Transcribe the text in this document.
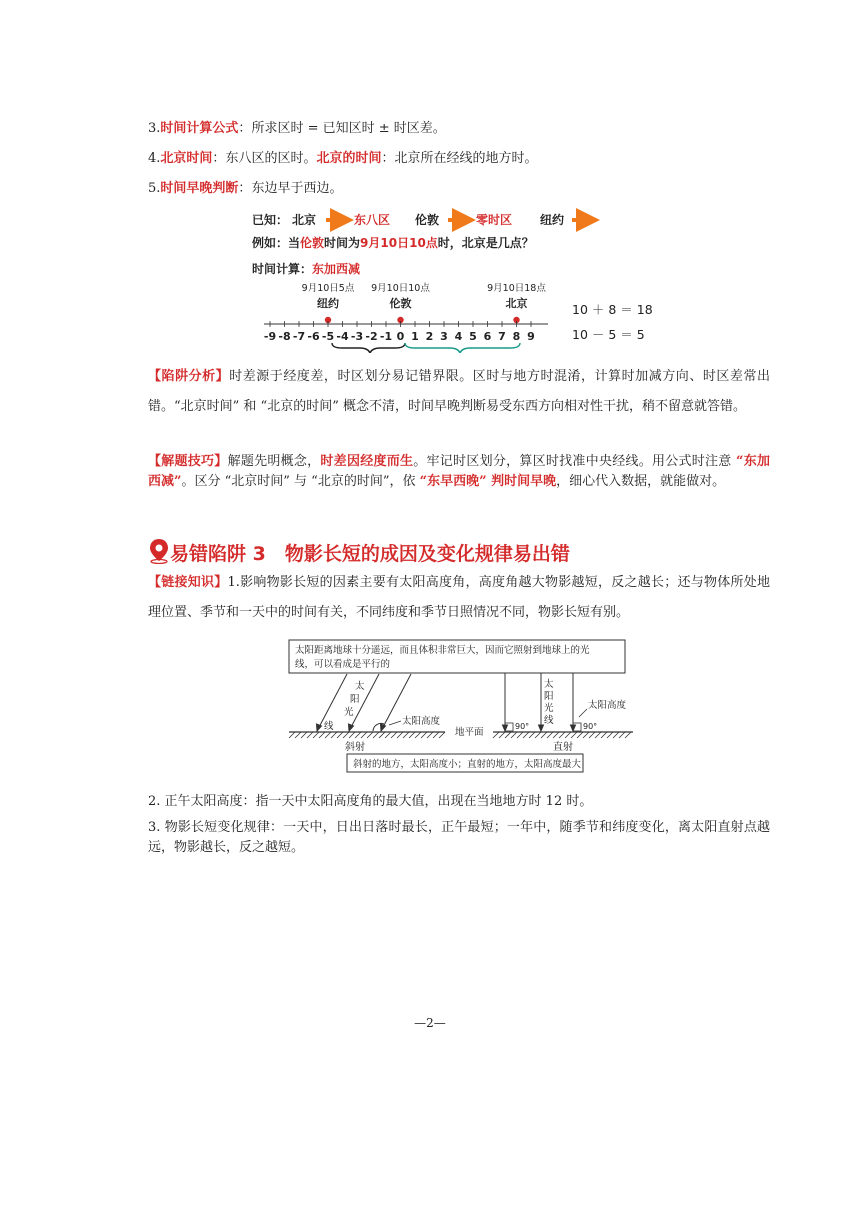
3.时间计算公式：所求区时 = 已知区时 ± 时区差。
4.北京时间：东八区的区时。北京的时间：北京所在经线的地方时。
5.时间早晚判断：东边早于西边。
已知： 北京	东八区 伦敦	零时区 纽约
例如：当伦敦时间为9月10日10点时，北京是几点？
时间计算：东加西减
9月10日5点
纽约
9月10日10点
伦敦
9月10日18点
北京
-9 -8 -7 -6 -5 -4 -3 -2 -1 0 1 2 3 4 5 6 7 8 9
10 ＋ 8 ＝ 18
10 － 5 ＝ 5
【陷阱分析】时差源于经度差，时区划分易记错界限。区时与地方时混淆，计算时加减方向、时区差常出错。“北京时间” 和 “北京的时间” 概念不清，时间早晚判断易受东西方向相对性干扰，稍不留意就答错。
【解题技巧】解题先明概念，时差因经度而生。牢记时区划分，算区时找准中央经线。用公式时注意 “东加西减”。区分 “北京时间” 与 “北京的时间”，依 “东早西晚” 判时间早晚，细心代入数据，就能做对。
易错陷阱 3　物影长短的成因及变化规律易出错
【链接知识】1.影响物影长短的因素主要有太阳高度角，高度角越大物影越短，反之越长；还与物体所处地理位置、季节和一天中的时间有关，不同纬度和季节日照情况不同，物影长短有别。
太阳距离地球十分遥远，而且体积非常巨大，因而它照射到地球上的光
线，可以看成是平行的
太 阳 光 线	太阳高度
斜射
地平面
太 阳 光 线
90°	90°
太阳高度
直射
斜射的地方，太阳高度小；直射的地方，太阳高度最大
2. 正午太阳高度：指一天中太阳高度角的最大值，出现在当地地方时 12 时。
3. 物影长短变化规律：一天中，日出日落时最长，正午最短；一年中，随季节和纬度变化，离太阳直射点越远，物影越长，反之越短。
—2—
